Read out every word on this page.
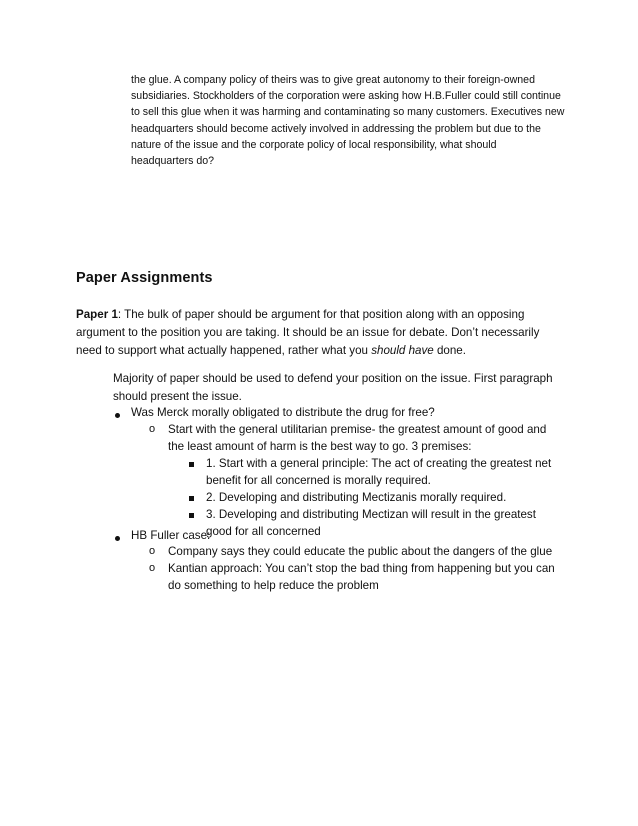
the glue. A company policy of theirs was to give great autonomy to their foreign-owned
subsidiaries. Stockholders of the corporation were asking how H.B.Fuller could still continue
to sell this glue when it was harming and contaminating so many customers. Executives new
headquarters should become actively involved in addressing the problem but due to the
nature of the issue and the corporate policy of local responsibility, what should
headquarters do?
Paper Assignments
Paper 1: The bulk of paper should be argument for that position along with an opposing
argument to the position you are taking. It should be an issue for debate. Don’t necessarily
need to support what actually happened, rather what you should have done.
Majority of paper should be used to defend your position on the issue. First paragraph
should present the issue.
Was Merck morally obligated to distribute the drug for free?
o Start with the general utilitarian premise- the greatest amount of good and
the least amount of harm is the best way to go. 3 premises:
1. Start with a general principle: The act of creating the greatest net
benefit for all concerned is morally required.
2. Developing and distributing Mectizanis morally required.
3. Developing and distributing Mectizan will result in the greatest
good for all concerned
HB Fuller case:
o Company says they could educate the public about the dangers of the glue
o Kantian approach: You can’t stop the bad thing from happening but you can
do something to help reduce the problem
